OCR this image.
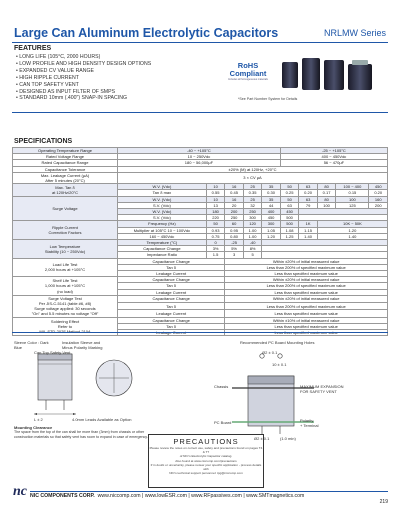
Large Can Aluminum Electrolytic Capacitors	NRLMW Series
FEATURES
• LONG LIFE (105°C, 2000 HOURS)
• LOW PROFILE AND HIGH DENSITY DESIGN OPTIONS
• EXPANDED CV VALUE RANGE
• HIGH RIPPLE CURRENT
• CAN TOP SAFETY VENT
• DESIGNED AS INPUT FILTER OF SMPS
• STANDARD 10mm (.400") SNAP-IN SPACING
RoHS
Compliant
Includes all homogeneous materials
*See Part Number System for Details
SPECIFICATIONS
Operating Temperature Range	-40 ~ +105°C					-25 ~ +105°C				
Rated Voltage Range	10 ~ 250Vdc					400 ~ 450Vdc				
Rated Capacitance Range	180 ~ 56,000μF					56 ~ 470μF				
Capacitance Tolerance	±20% (M) at 120Hz, +20°C									
Max. Leakage Current (μA)
After 5 minutes (20°C)	3 × CV μA									
Max. Tan δ
at 120Hz/20°C	W.V. (Vdc)	10	16	25	35	50	63	80	100 ~ 400	450
	Tan δ max	0.55	0.45	0.35	0.30	0.25	0.20	0.17	0.15	0.20
Surge Voltage	W.V. (Vdc)	10	16	25	35	50	63	80	100	160
	S.V. (Vdc)	13	20	32	44	63	79	100	125	200
	W.V. (Vdc)	180	200	250	400	450				
	S.V. (Vdc)	220	250	300	450	500				
Ripple Current
Correction Factors	Frequency (Hz)	50	60	120	300	500	1K	10K ~ 50K		
	Multiplier at 105°C 10 ~ 100Vdc	0.93	0.95	1.00	1.05	1.08	1.15	1.20		
	160 ~ 450Vdc	0.75	0.80	1.00	1.20	1.25	1.40	1.40		
Low Temperature
Stability (10 ~ 250Vdc)	Temperature (°C)	0	-25	-40						
	Capacitance Change	3%	5%	8%						
	Impedance Ratio	1.5	3	5						
Load Life Test
2,000 hours at +105°C	Capacitance Change		Within ±20% of initial measured value							
	Tan δ		Less than 200% of specified maximum value							
	Leakage Current		Less than specified maximum value							
Shelf Life Test
1,000 hours at +105°C
(no load)	Capacitance Change		Within ±20% of initial measured value							
	Tan δ		Less than 200% of specified maximum value							
	Leakage Current		Less than specified maximum value							
Surge Voltage Test
Per JIS-C-5141 (table #6, #8)
Surge voltage applied: 30 seconds
"On" and 5.5 minutes no voltage "Off"	Capacitance Change		Within ±20% of initial measured value							
	Tan δ		Less than 200% of specified maximum value							
	Leakage Current		Less than specified maximum value							
Soldering Effect
Refer to	Capacitance Change		Within ±10% of initial measured value							
	Tan δ		Less than specified maximum value							

Sleeve Color : Dark
Blue
Insulation Sleeve and
Minus Polarity Marking
Can Top Safety Vent
L ± 2	4.0mm Leads Available as Option
Mounting Clearance
The space from the top of the can shall be more than (3mm) from chassis or other construction materials so that safety vent has room to expand in case of emergency.
Recommended PC Board Mounting Holes
Ø2 ± 0.1
10 ± 0.1
Chassis	MAXIMUM EXPANSION
FOR SAFETY VENT
PC Board	Polarity
+ Terminal
Ø2 ± 0.1	(1.0 min)
PRECAUTIONS
Please review the notes on correct use, safety and precautions found on pages T4 & T7
of NIC's Electrolytic Capacitor catalog.
Also found at www.niccomp.com/precautions
If in doubt or uncertainty, please review your specific application - process details with
NIC's technical support personnel: tpg@niccomp.com
nc NIC COMPONENTS CORP. www.niccomp.com | www.lowESR.com | www.RFpassives.com | www.SMTmagnetics.com
219
